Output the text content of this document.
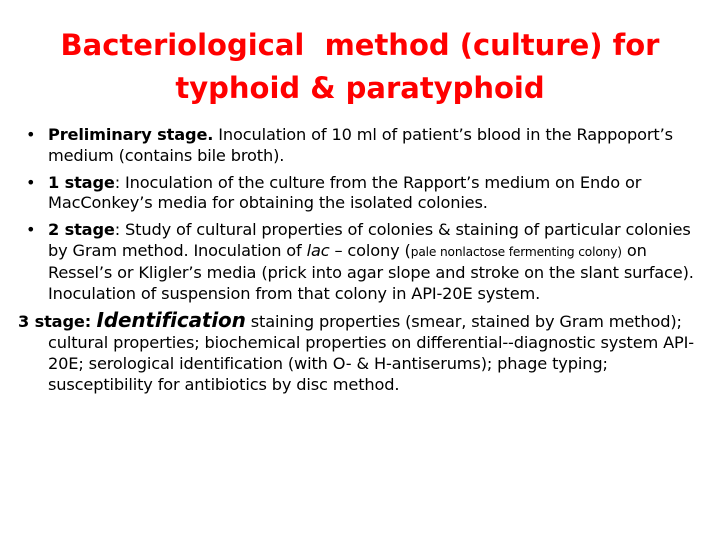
Bacteriological  method (culture) for
typhoid & paratyphoid
• Preliminary stage. Inoculation of 10 ml of patient’s blood in the Rappoport’s medium (contains bile broth).
• 1 stage: Inoculation of the culture from the Rapport’s medium on Endo or MacConkey’s media for obtaining the isolated colonies.
• 2 stage: Study of cultural properties of colonies & staining of particular colonies by Gram method. Inoculation of lac – colony (pale nonlactose fermenting colony) on Ressel’s or Kligler’s media (prick into agar slope and stroke on the slant surface). Inoculation of suspension from that colony in API-20E system.
3 stage: Identification staining properties (smear, stained by Gram method); cultural properties; biochemical properties on differential--diagnostic system API-20E; serological identification (with O- & H-antiserums); phage typing; susceptibility for antibiotics by disc method.
